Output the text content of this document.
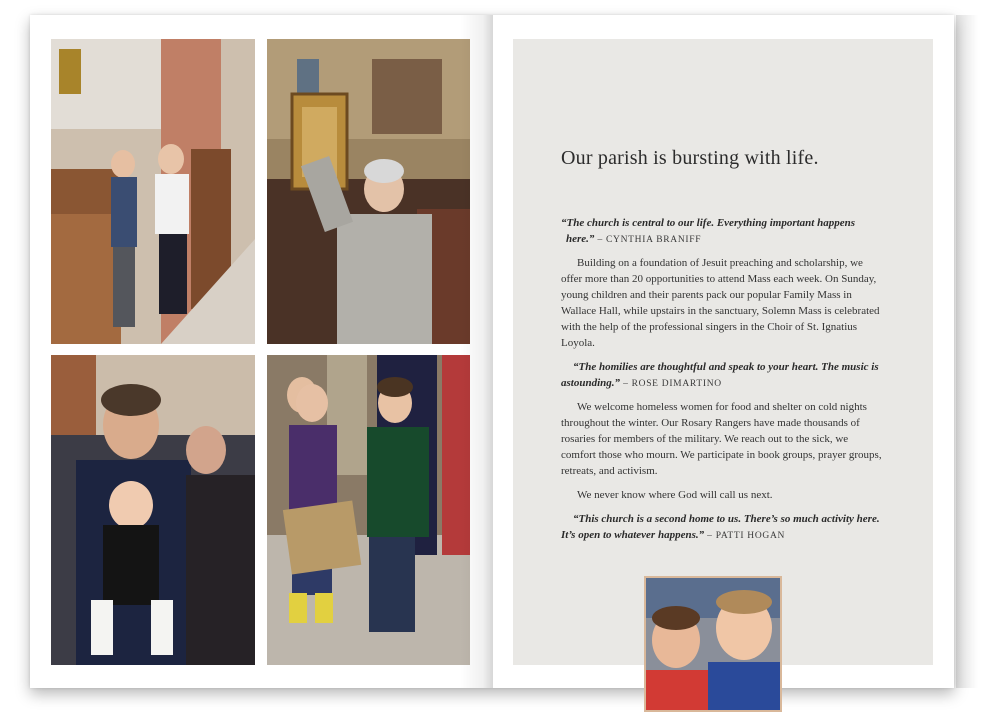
Our parish is bursting with life.
“The church is central to our life. Everything important happens here.” – CYNTHIA BRANIFF
Building on a foundation of Jesuit preaching and scholarship, we offer more than 20 opportunities to attend Mass each week. On Sunday, young children and their parents pack our popular Family Mass in Wallace Hall, while upstairs in the sanctuary, Solemn Mass is celebrated with the help of the professional singers in the Choir of St. Ignatius Loyola.
“The homilies are thoughtful and speak to your heart. The music is astounding.” – ROSE DIMARTINO
We welcome homeless women for food and shelter on cold nights throughout the winter. Our Rosary Rangers have made thousands of rosaries for members of the military. We reach out to the sick, we comfort those who mourn. We participate in book groups, prayer groups, retreats, and activism.
We never know where God will call us next.
“This church is a second home to us. There’s so much activity here. It’s open to whatever happens.” – PATTI HOGAN
